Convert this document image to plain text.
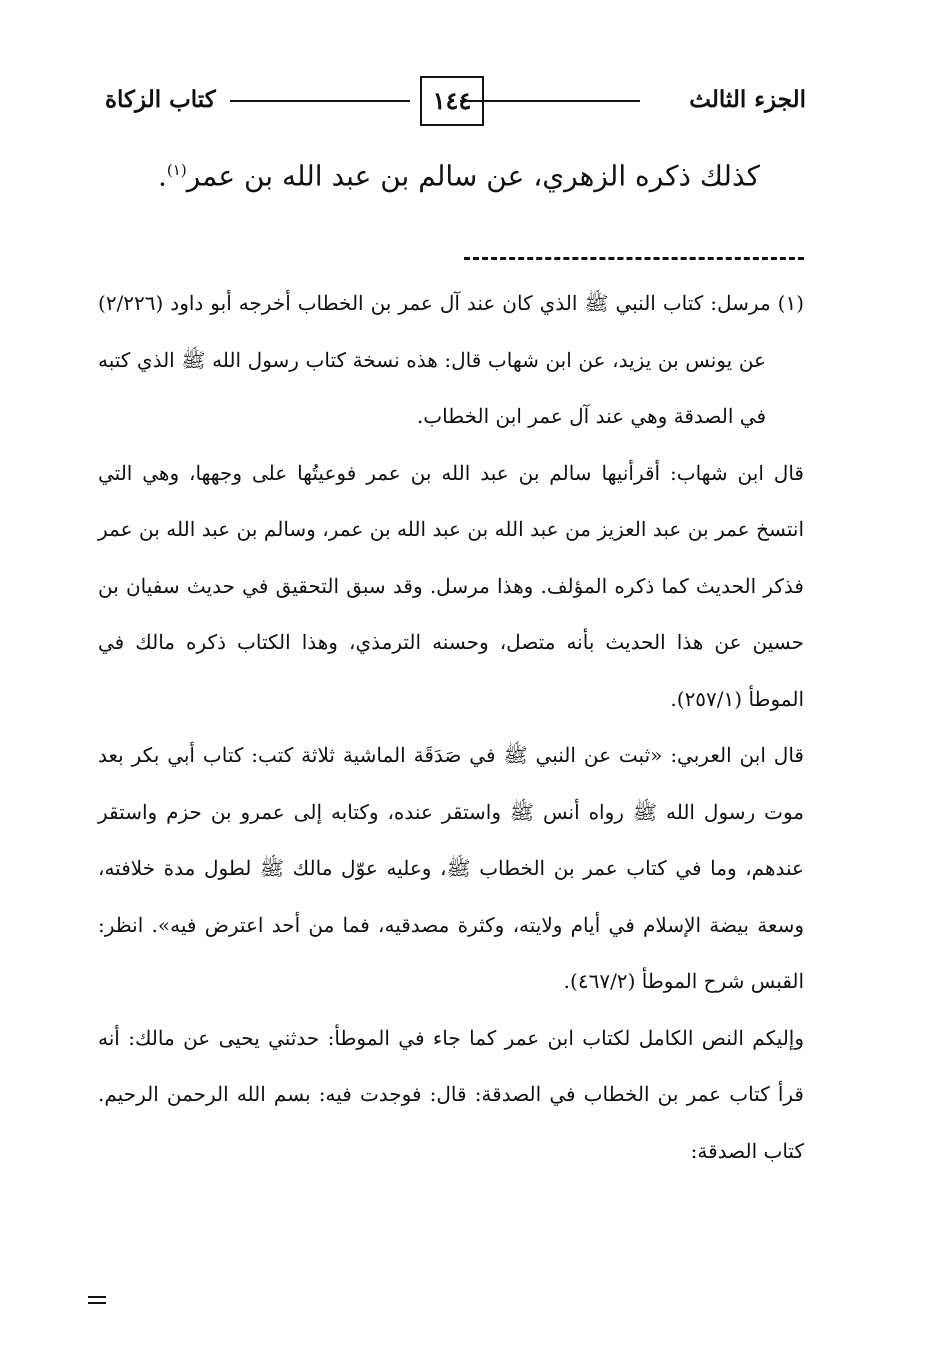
الجزء الثالث
١٤٤
كتاب الزكاة
كذلك ذكره الزهري، عن سالم بن عبد الله بن عمر$^{(١)}$.

(١) مرسل: كتاب النبي ﷺ الذي كان عند آل عمر بن الخطاب أخرجه أبو داود (٢/٢٢٦) عن يونس بن يزيد، عن ابن شهاب قال: هذه نسخة كتاب رسول الله ﷺ الذي كتبه في الصدقة وهي عند آل عمر ابن الخطاب.

قال ابن شهاب: أقرأنيها سالم بن عبد الله بن عمر فوعيتُها على وجهها، وهي التي انتسخ عمر بن عبد العزيز من عبد الله بن عبد الله بن عمر، وسالم بن عبد الله بن عمر فذكر الحديث كما ذكره المؤلف. وهذا مرسل. وقد سبق التحقيق في حديث سفيان بن حسين عن هذا الحديث بأنه متصل، وحسنه الترمذي، وهذا الكتاب ذكره مالك في الموطأ (٢٥٧/١).

قال ابن العربي: «ثبت عن النبي ﷺ في صَدَقَة الماشية ثلاثة كتب: كتاب أبي بكر بعد موت رسول الله ﷺ رواه أنس ﷺ واستقر عنده، وكتابه إلى عمرو بن حزم واستقر عندهم، وما في كتاب عمر بن الخطاب ﷺ، وعليه عوّل مالك ﷺ لطول مدة خلافته، وسعة بيضة الإسلام في أيام ولايته، وكثرة مصدقيه، فما من أحد اعترض فيه». انظر: القبس شرح الموطأ (٤٦٧/٢).

وإليكم النص الكامل لكتاب ابن عمر كما جاء في الموطأ: حدثني يحيى عن مالك: أنه قرأ كتاب عمر بن الخطاب في الصدقة: قال: فوجدت فيه: بسم الله الرحمن الرحيم. كتاب الصدقة:
